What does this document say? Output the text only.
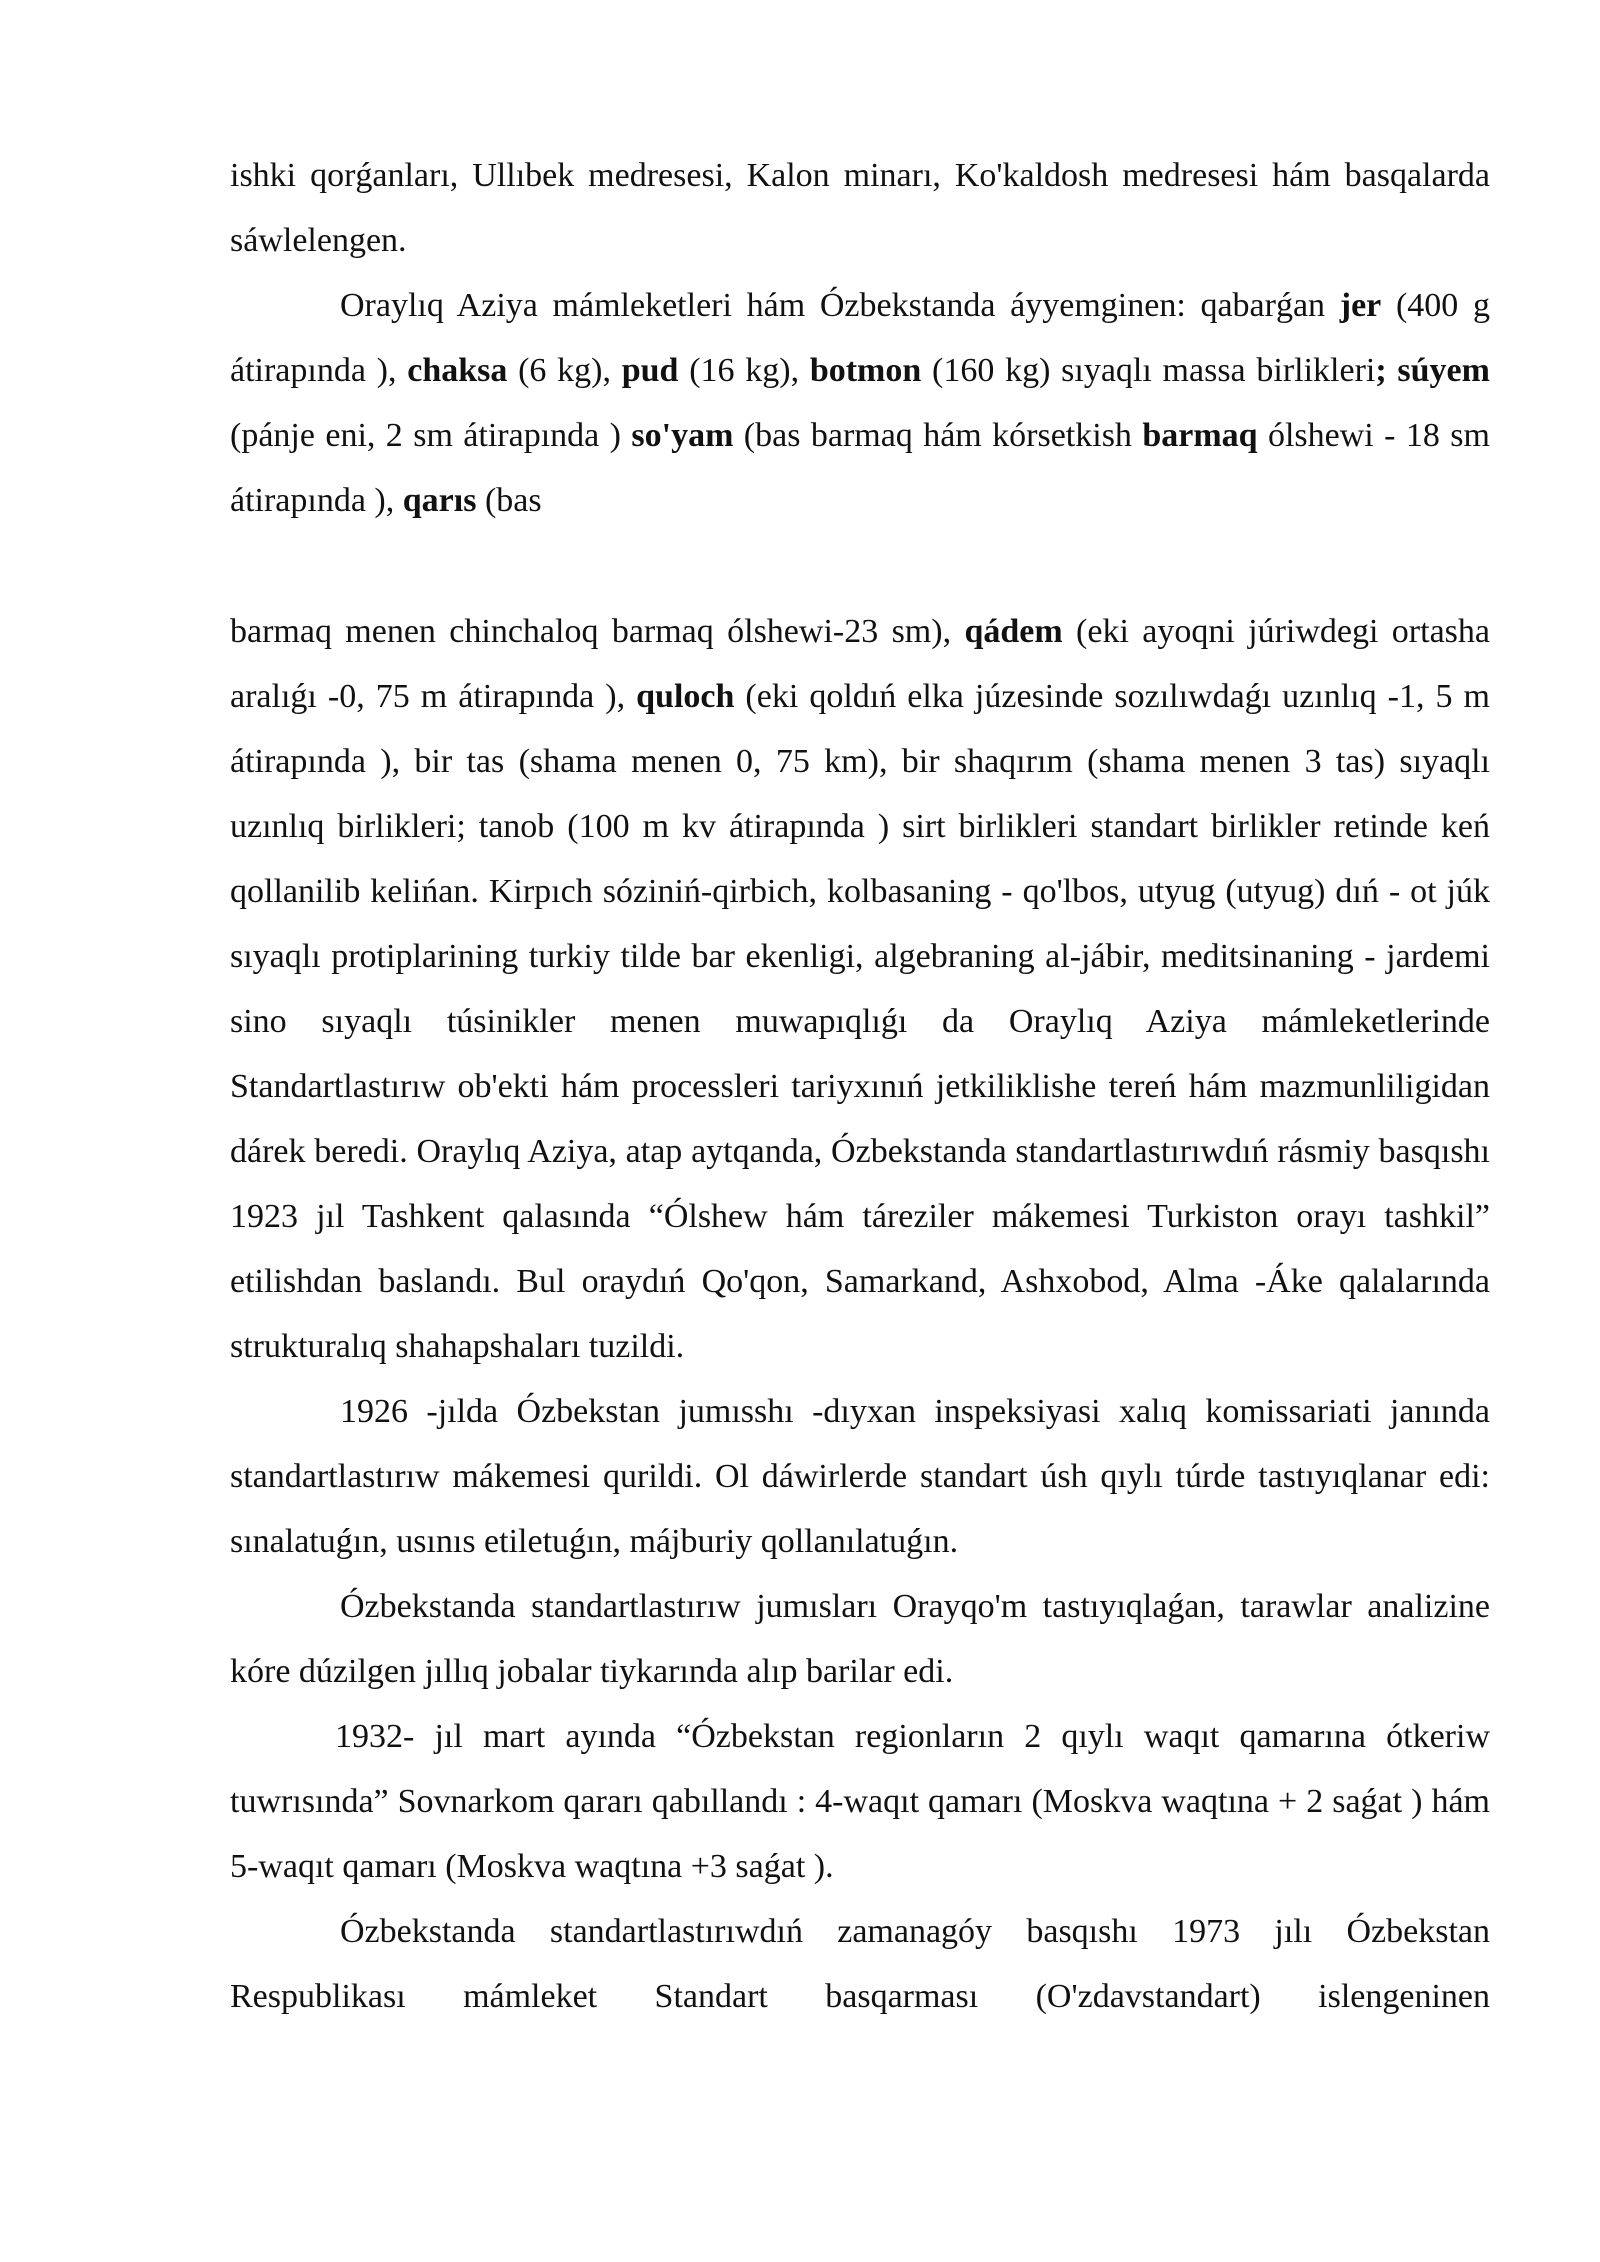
ishki qorǵanları, Ullıbek medresesi, Kalon minarı, Ko'kaldosh medresesi hám basqalarda sáwlelengen.

Oraylıq Aziya mámleketleri hám Ózbekstanda áyyemginen: qabarǵan jer (400 g átirapında ), chaksa (6 kg), pud (16 kg), botmon (160 kg) sıyaqlı massa birlikleri; súyem (pánje eni, 2 sm átirapında ) so'yam (bas barmaq hám kórsetkish barmaq ólshewi - 18 sm átirapında ), qarıs (bas

barmaq menen chinchaloq barmaq ólshewi-23 sm), qádem (eki ayoqni júriwdegi ortasha aralıǵı -0, 75 m átirapında ), quloch (eki qoldıń elka júzesinde sozılıwdaǵı uzınlıq -1, 5 m átirapında ), bir tas (shama menen 0, 75 km), bir shaqırım (shama menen 3 tas) sıyaqlı uzınlıq birlikleri; tanob (100 m kv átirapında ) sirt birlikleri standart birlikler retinde keń qollanilib kelińan. Kirpıch sóziniń-qirbich, kolbasaning - qo'lbos, utyug (utyug) dıń - ot júk sıyaqlı protiplarining turkiy tilde bar ekenligi, algebraning al-jábir, meditsinaning - jardemi sino sıyaqlı túsinikler menen muwapıqlıǵı da Oraylıq Aziya mámleketlerinde Standartlastırıw ob'ekti hám processleri tariyxınıń jetkiliklishe tereń hám mazmunliligidan dárek beredi. Oraylıq Aziya, atap aytqanda, Ózbekstanda standartlastırıwdıń rásmiy basqıshı 1923 jıl Tashkent qalasında “Ólshew hám táreziler mákemesi Turkiston orayı tashkil” etilishdan baslandı. Bul oraydıń Qo'qon, Samarkand, Ashxobod, Alma -Áke qalalarında strukturalıq shahapshaları tuzildi.

1926 -jılda Ózbekstan jumısshı -dıyxan inspeksiyasi xalıq komissariati janında standartlastırıw mákemesi qurildi. Ol dáwirlerde standart úsh qıylı túrde tastıyıqlanar edi: sınalatuǵın, usınıs etiletuǵın, májburiy qollanılatuǵın.

Ózbekstanda standartlastırıw jumısları Orayqo'm tastıyıqlaǵan, tarawlar analizine kóre dúzilgen jıllıq jobalar tiykarında alıp barilar edi.

1932- jıl mart ayında “Ózbekstan regionların 2 qıylı waqıt qamarına ótkeriw tuwrısında” Sovnarkom qararı qabıllandı : 4-waqıt qamarı (Moskva waqtına + 2 saǵat ) hám 5-waqıt qamarı (Moskva waqtına +3 saǵat ).

Ózbekstanda standartlastırıwdıń zamanagóy basqıshı 1973 jılı Ózbekstan Respublikası mámleket Standart basqarması (O'zdavstandart) islengeninen
